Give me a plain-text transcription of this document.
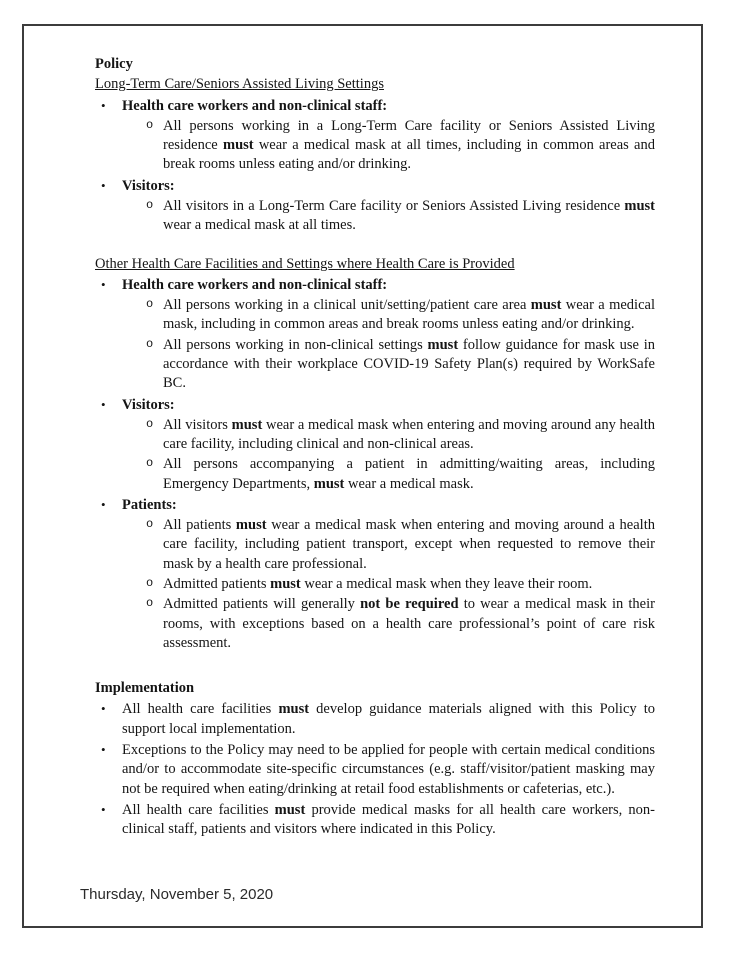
Policy
Long-Term Care/Seniors Assisted Living Settings
•	Health care workers and non-clinical staff:
o All persons working in a Long-Term Care facility or Seniors Assisted Living residence must wear a medical mask at all times, including in common areas and break rooms unless eating and/or drinking.
•	Visitors:
o All visitors in a Long-Term Care facility or Seniors Assisted Living residence must wear a medical mask at all times.
Other Health Care Facilities and Settings where Health Care is Provided
•	Health care workers and non-clinical staff:
o All persons working in a clinical unit/setting/patient care area must wear a medical mask, including in common areas and break rooms unless eating and/or drinking.
o All persons working in non-clinical settings must follow guidance for mask use in accordance with their workplace COVID-19 Safety Plan(s) required by WorkSafe BC.
•	Visitors:
o All visitors must wear a medical mask when entering and moving around any health care facility, including clinical and non-clinical areas.
o All persons accompanying a patient in admitting/waiting areas, including Emergency Departments, must wear a medical mask.
•	Patients:
o All patients must wear a medical mask when entering and moving around a health care facility, including patient transport, except when requested to remove their mask by a health care professional.
o Admitted patients must wear a medical mask when they leave their room.
o Admitted patients will generally not be required to wear a medical mask in their rooms, with exceptions based on a health care professional’s point of care risk assessment.
Implementation
•	All health care facilities must develop guidance materials aligned with this Policy to support local implementation.
•	Exceptions to the Policy may need to be applied for people with certain medical conditions and/or to accommodate site-specific circumstances (e.g. staff/visitor/patient masking may not be required when eating/drinking at retail food establishments or cafeterias, etc.).
•	All health care facilities must provide medical masks for all health care workers, non-clinical staff, patients and visitors where indicated in this Policy.
Thursday, November 5, 2020
